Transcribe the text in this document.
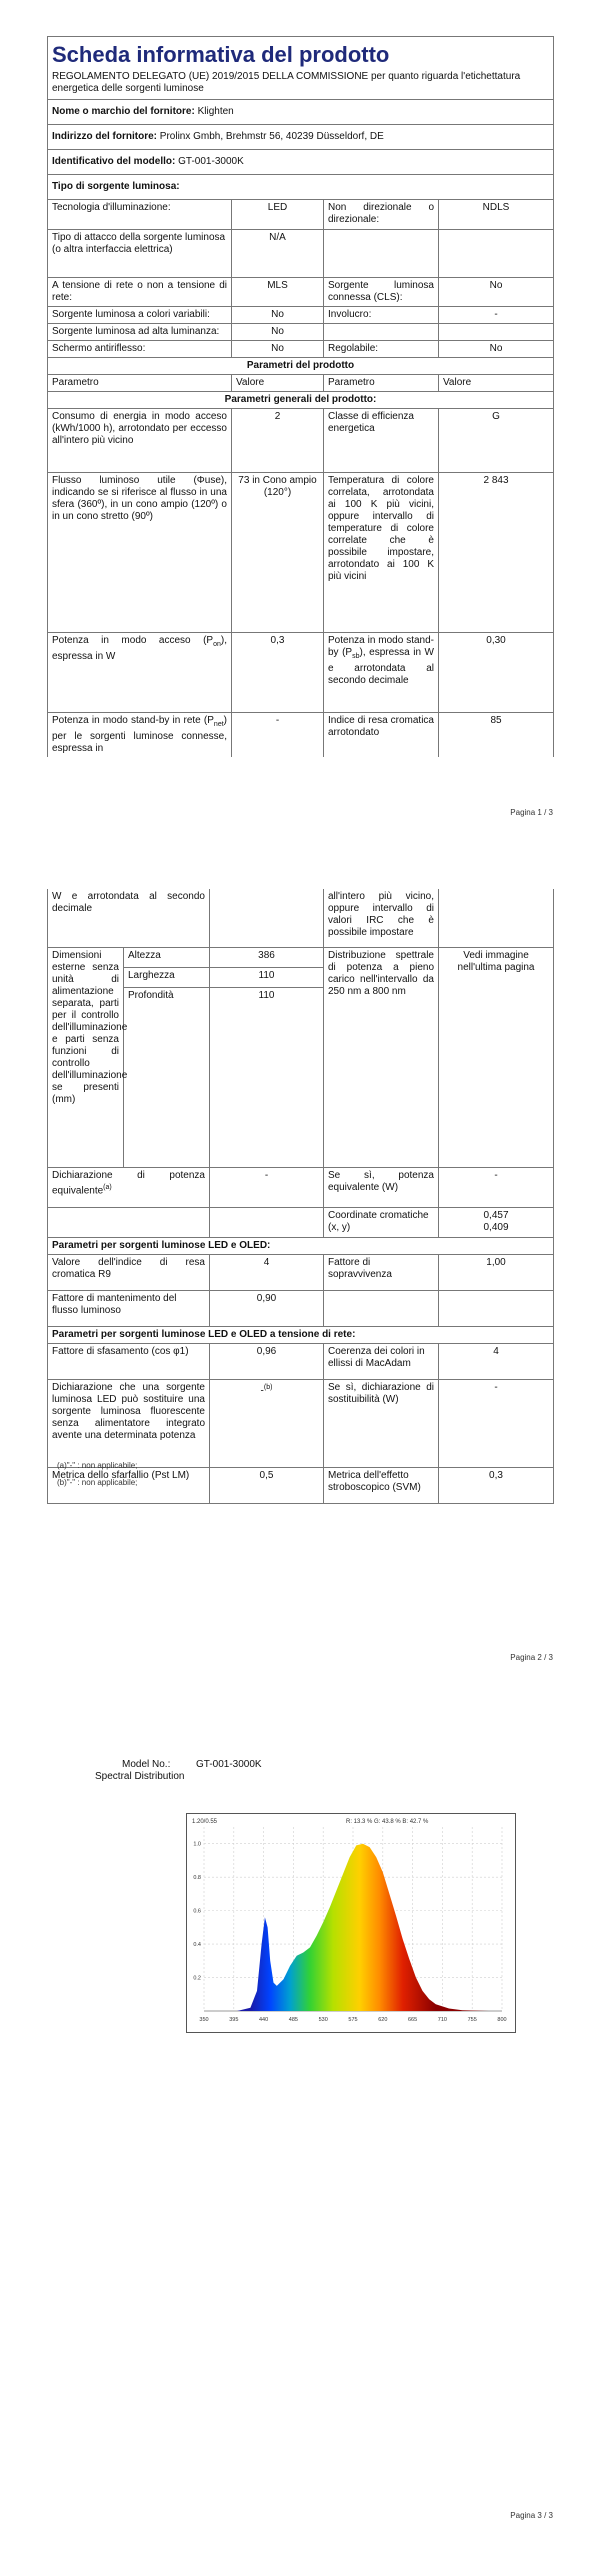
Scheda informativa del prodotto
REGOLAMENTO DELEGATO (UE) 2019/2015 DELLA COMMISSIONE per quanto riguarda l'etichettatura energetica delle sorgenti luminose			

Nome o marchio del fornitore: Klighten			
Indirizzo del fornitore: Prolinx Gmbh, Brehmstr 56, 40239 Düsseldorf, DE			
Identificativo del modello: GT-001-3000K			
Tipo di sorgente luminosa:			
Tecnologia d'illuminazione:	LED	Non direzionale o direzionale:	NDLS

Tipo di attacco della sorgente luminosa
(o altra interfaccia elettrica)	N/A		
A tensione di rete o non a tensione di rete:	MLS	Sorgente luminosa connessa (CLS):	No
Sorgente luminosa a colori variabili:	No	Involucro:	-
Sorgente luminosa ad alta luminanza:	No		
Schermo antiriflesso:	No	Regolabile:	No
Parametri del prodotto			
Parametro	Valore	Parametro	Valore
Parametri generali del prodotto:			
Consumo di energia in modo acceso (kWh/1000 h), arrotondato per eccesso all'intero più vicino	2	Classe di efficienza energetica	G
Flusso luminoso utile (Φuse), indicando se si riferisce al flusso in una sfera (360º), in un cono ampio (120º) o in un cono stretto (90º)	73 in Cono ampio (120°)	Temperatura di colore correlata, arrotondata ai 100 K più vicini, oppure intervallo di temperature di colore correlate che è possibile impostare, arrotondato ai 100 K più vicini	2 843
Potenza in modo acceso $(P_{on})$, espressa in W	0,3	Potenza in modo stand-by $(P_{sb})$, espressa in W e arrotondata al secondo decimale	0,30
Potenza in modo stand-by in rete $(P_{net})$ per le sorgenti luminose connesse, espressa in	-	Indice di resa cromatica arrotondato	85
Pagina 1 / 3
W e arrotondata al secondo decimale			all'intero più vicino, oppure intervallo di valori IRC che è possibile impostare	
Dimensioni esterne senza unità di alimentazione separata, parti per il controllo dell'illuminazione e parti senza funzioni di controllo dell'illuminazione se presenti (mm)	Altezza	386	Distribuzione spettrale di potenza a pieno carico nell'intervallo da 250 nm a 800 nm	Vedi immagine nell'ultima pagina
	Larghezza	110		
	Profondità	110		
Dichiarazione di potenza equivalente$^{(a)}$		-	Se sì, potenza equivalente (W)	-
			Coordinate cromatiche (x, y)	0,457
0,409

Parametri per sorgenti luminose LED e OLED:				
Valore dell'indice di resa cromatica R9		4	Fattore di sopravvivenza	1,00
Fattore di mantenimento del flusso luminoso		0,90		
Parametri per sorgenti luminose LED e OLED a tensione di rete:				
Fattore di sfasamento (cos φ1)		0,96	Coerenza dei colori in ellissi di MacAdam	4
Dichiarazione che una sorgente luminosa LED può sostituire una sorgente luminosa fluorescente senza alimentatore integrato avente una determinata potenza		-$^{(b)}$	Se sì, dichiarazione di sostituibilità (W)	-
Metrica dello sfarfallio (Pst LM)		0,5	Metrica dell'effetto stroboscopico (SVM)	0,3
(a)"-" : non applicabile;
(b)"-" : non applicabile;
Pagina 2 / 3
Model No.:	GT-001-3000K
Spectral Distribution
0.2
0.4
0.6
0.8
1.0
350	395	440	485	530	575	620	665	710	755	800
1.20/0.55	R: 13.3 % G: 43.8 % B: 42.7 %
Pagina 3 / 3
